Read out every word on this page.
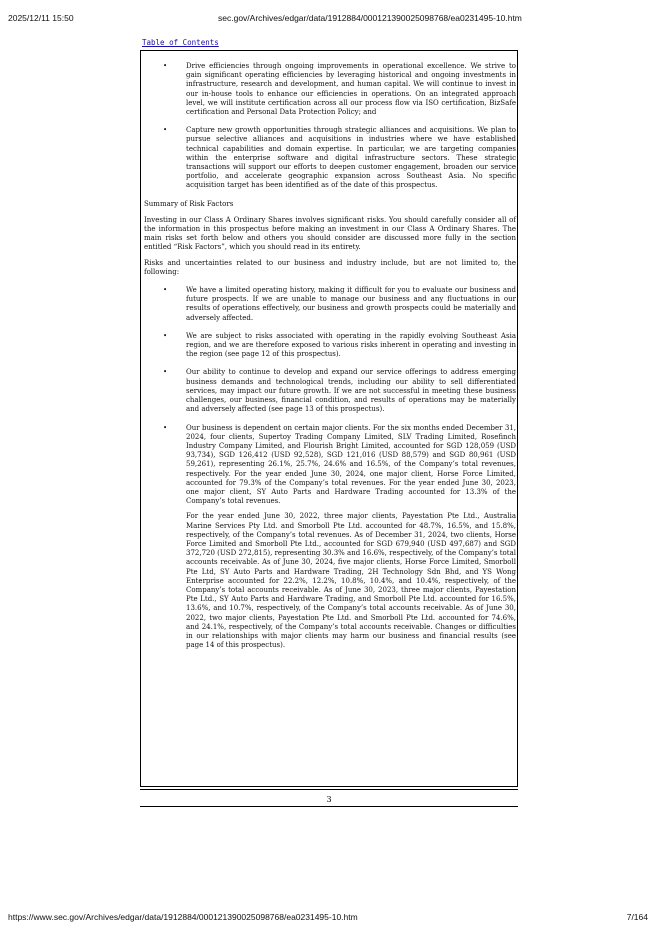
2025/12/11 15:50	sec.gov/Archives/edgar/data/1912884/000121390025098768/ea0231495-10.htm
Table of Contents
•	Drive efficiencies through ongoing improvements in operational excellence. We strive to gain significant operating efficiencies by leveraging historical and ongoing investments in infrastructure, research and development, and human capital. We will continue to invest in our in-house tools to enhance our efficiencies in operations. On an integrated approach level, we will institute certification across all our process flow via ISO certification, BizSafe certification and Personal Data Protection Policy; and
•	Capture new growth opportunities through strategic alliances and acquisitions. We plan to pursue selective alliances and acquisitions in industries where we have established technical capabilities and domain expertise. In particular, we are targeting companies within the enterprise software and digital infrastructure sectors. These strategic transactions will support our efforts to deepen customer engagement, broaden our service portfolio, and accelerate geographic expansion across Southeast Asia. No specific acquisition target has been identified as of the date of this prospectus.
Summary of Risk Factors
Investing in our Class A Ordinary Shares involves significant risks. You should carefully consider all of the information in this prospectus before making an investment in our Class A Ordinary Shares. The main risks set forth below and others you should consider are discussed more fully in the section entitled “Risk Factors”, which you should read in its entirety.
Risks and uncertainties related to our business and industry include, but are not limited to, the following:
•	We have a limited operating history, making it difficult for you to evaluate our business and future prospects. If we are unable to manage our business and any fluctuations in our results of operations effectively, our business and growth prospects could be materially and adversely affected.
•	We are subject to risks associated with operating in the rapidly evolving Southeast Asia region, and we are therefore exposed to various risks inherent in operating and investing in the region (see page 12 of this prospectus).
•	Our ability to continue to develop and expand our service offerings to address emerging business demands and technological trends, including our ability to sell differentiated services, may impact our future growth. If we are not successful in meeting these business challenges, our business, financial condition, and results of operations may be materially and adversely affected (see page 13 of this prospectus).
•	Our business is dependent on certain major clients. For the six months ended December 31, 2024, four clients, Supertoy Trading Company Limited, SLV Trading Limited, Rosefinch Industry Company Limited, and Flourish Bright Limited, accounted for SGD 128,059 (USD 93,734), SGD 126,412 (USD 92,528), SGD 121,016 (USD 88,579) and SGD 80,961 (USD 59,261), representing 26.1%, 25.7%, 24.6% and 16.5%, of the Company’s total revenues, respectively. For the year ended June 30, 2024, one major client, Horse Force Limited, accounted for 79.3% of the Company’s total revenues. For the year ended June 30, 2023, one major client, SY Auto Parts and Hardware Trading accounted for 13.3% of the Company’s total revenues.
For the year ended June 30, 2022, three major clients, Payestation Pte Ltd., Australia Marine Services Pty Ltd. and Smorboll Pte Ltd. accounted for 48.7%, 16.5%, and 15.8%, respectively, of the Company’s total revenues. As of December 31, 2024, two clients, Horse Force Limited and Smorboll Pte Ltd., accounted for SGD 679,940 (USD 497,687) and SGD 372,720 (USD 272,815), representing 30.3% and 16.6%, respectively, of the Company’s total accounts receivable. As of June 30, 2024, five major clients, Horse Force Limited, Smorboll Pte Ltd, SY Auto Parts and Hardware Trading, 2H Technology Sdn Bhd, and YS Wong Enterprise accounted for 22.2%, 12.2%, 10.8%, 10.4%, and 10.4%, respectively, of the Company’s total accounts receivable. As of June 30, 2023, three major clients, Payestation Pte Ltd., SY Auto Parts and Hardware Trading, and Smorboll Pte Ltd. accounted for 16.5%, 13.6%, and 10.7%, respectively, of the Company’s total accounts receivable. As of June 30, 2022, two major clients, Payestation Pte Ltd. and Smorboll Pte Ltd. accounted for 74.6%, and 24.1%, respectively, of the Company’s total accounts receivable. Changes or difficulties in our relationships with major clients may harm our business and financial results (see page 14 of this prospectus).
3
https://www.sec.gov/Archives/edgar/data/1912884/000121390025098768/ea0231495-10.htm	7/164
